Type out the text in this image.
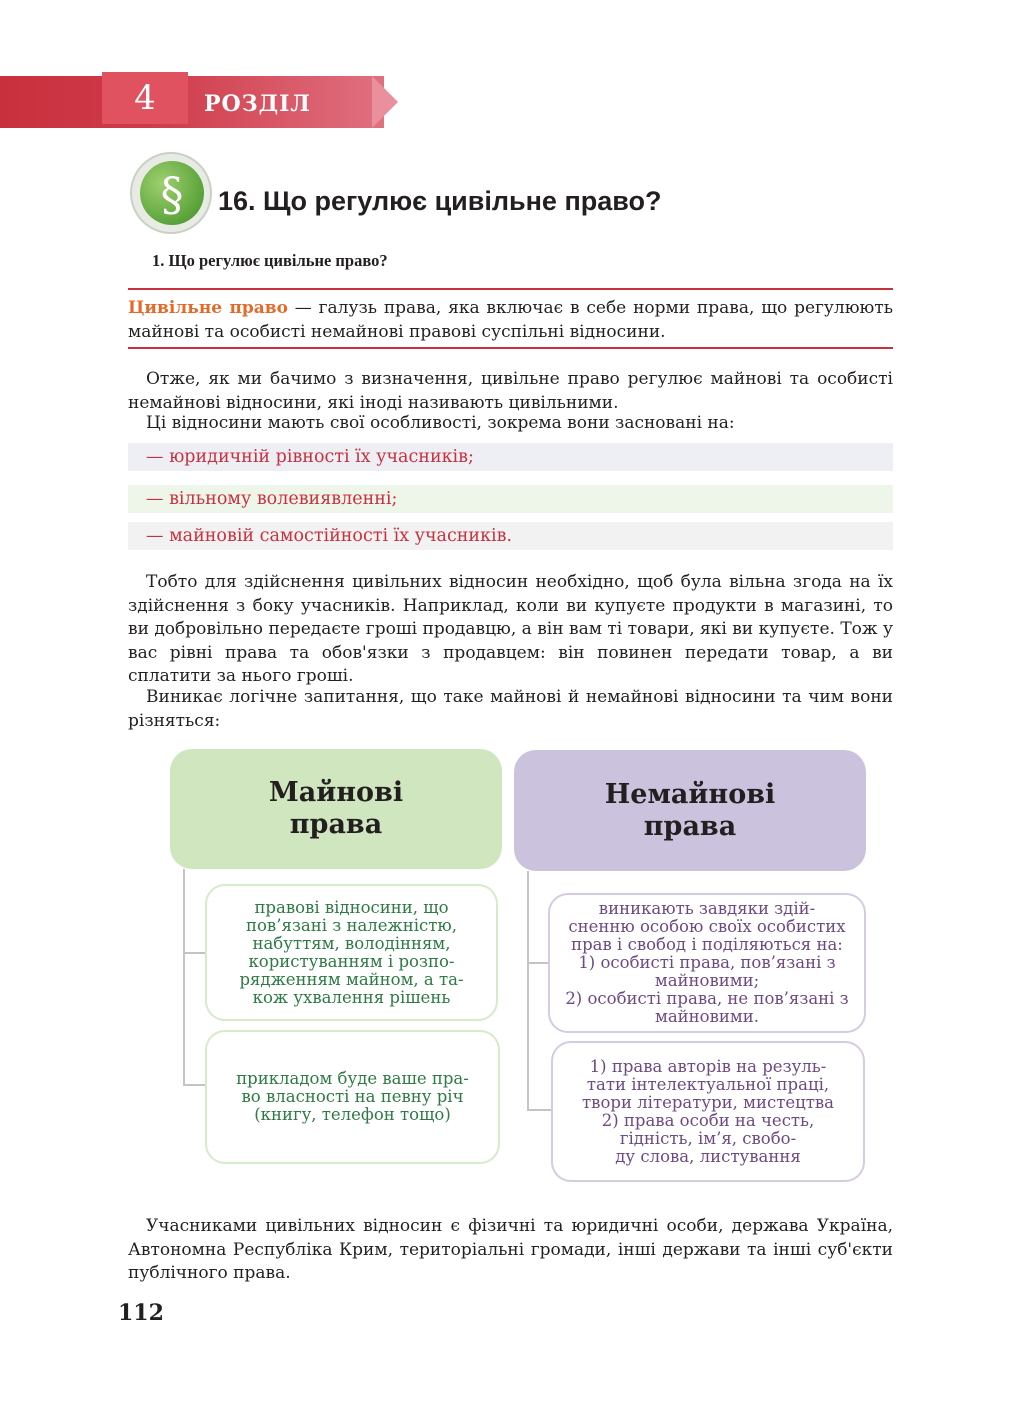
4	РОЗДІЛ
§	16. Що регулює цивільне право?
1. Що регулює цивільне право?
Цивільне право — галузь права, яка включає в себе норми права, що регулюють майнові та особисті немайнові правові суспільні відносини.

Отже, як ми бачимо з визначення, цивільне право регулює майнові та особисті немайнові відносини, які іноді називають цивільними.

Ці відносини мають свої особливості, зокрема вони засновані на:

— юридичній рівності їх учасників;
— вільному волевиявленні;
— майновій самостійності їх учасників.

Тобто для здійснення цивільних відносин необхідно, щоб була вільна згода на їх здійснення з боку учасників. Наприклад, коли ви купуєте продукти в магазині, то ви добровільно передаєте гроші продавцю, а він вам ті товари, які ви купуєте. Тож у вас рівні права та обов'язки з продавцем: він повинен передати товар, а ви сплатити за нього гроші.

Виникає логічне запитання, що таке майнові й немайнові відносини та чим вони різняться:

Майнові
права
правові відносини, що
пов’язані з належністю,
набуттям, володінням,
користуванням і розпо-
рядженням майном, а та-
кож ухвалення рішень
прикладом буде ваше пра-
во власності на певну річ
(книгу, телефон тощо)
Немайнові
права
виникають завдяки здій-
сненню особою своїх особистих
прав і свобод і поділяються на:
1) особисті права, пов’язані з
майновими;
2) особисті права, не пов’язані з
майновими.
1) права авторів на резуль-
тати інтелектуальної праці,
твори літератури, мистецтва
2) права особи на честь,
гідність, ім’я, свобо-
ду слова, листування

Учасниками цивільних відносин є фізичні та юридичні особи, держава Україна, Автономна Республіка Крим, територіальні громади, інші держави та інші суб'єкти публічного права.

112
